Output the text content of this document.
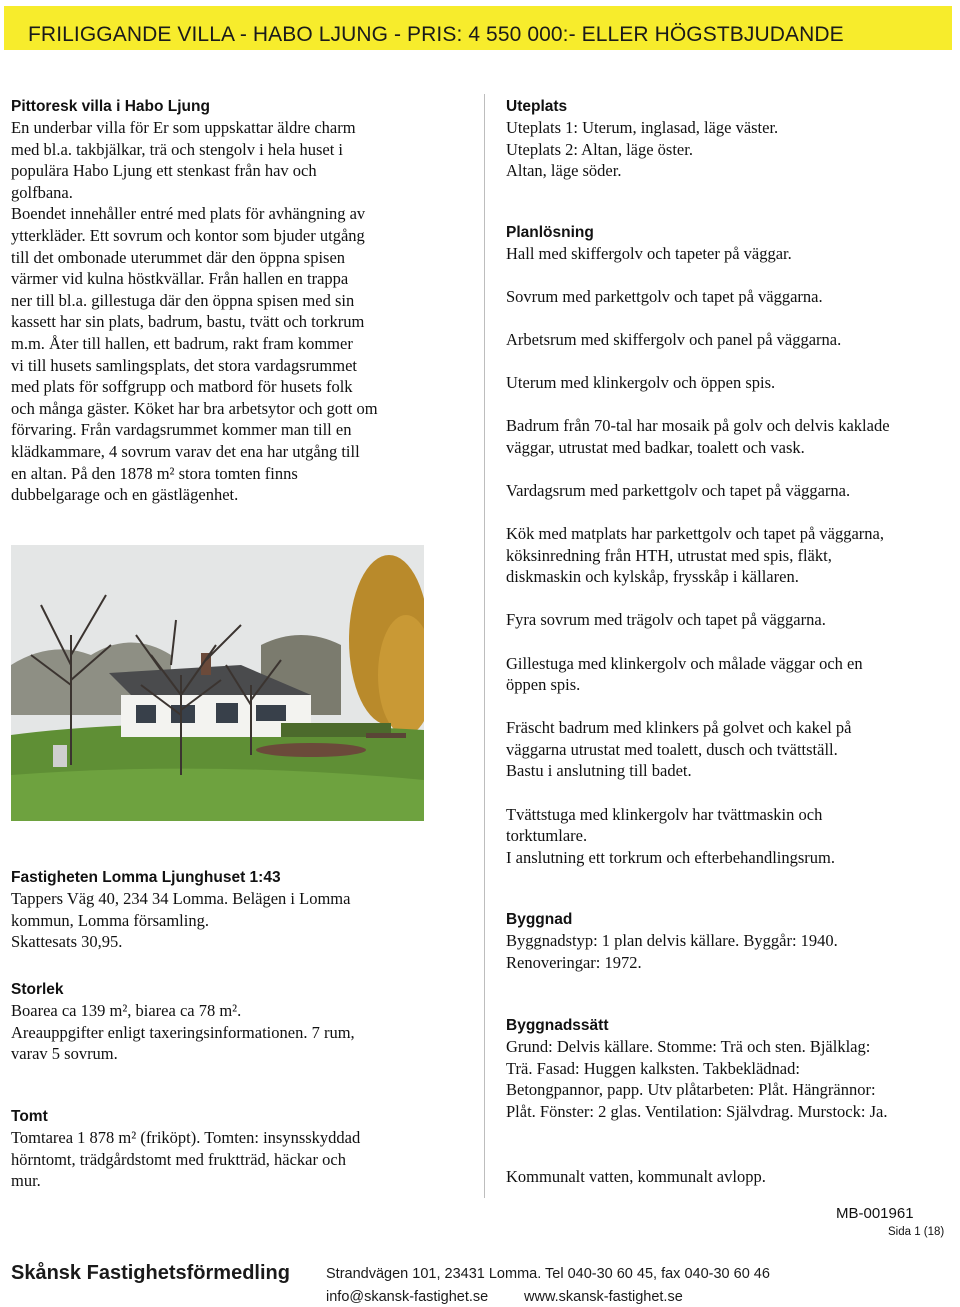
FRILIGGANDE VILLA - HABO LJUNG - PRIS: 4 550 000:- ELLER HÖGSTBJUDANDE
Pittoresk villa i Habo Ljung
En underbar villa för Er som uppskattar äldre charm
med bl.a. takbjälkar, trä och stengolv i hela huset i
populära Habo Ljung ett stenkast från hav och
golfbana.
Boendet innehåller entré med plats för avhängning av
ytterkläder. Ett sovrum och kontor som bjuder utgång
till det ombonade uterummet där den öppna spisen
värmer vid kulna höstkvällar. Från hallen en trappa
ner till bl.a. gillestuga där den öppna spisen med sin
kassett har sin plats, badrum, bastu, tvätt och torkrum
m.m. Åter till hallen, ett badrum, rakt fram kommer
vi till husets samlingsplats, det stora vardagsrummet
med plats för soffgrupp och matbord för husets folk
och många gäster. Köket har bra arbetsytor och gott om
förvaring. Från vardagsrummet kommer man till en
klädkammare, 4 sovrum varav det ena har utgång till
en altan. På den 1878 m² stora tomten finns
dubbelgarage och en gästlägenhet.
Fastigheten Lomma Ljunghuset 1:43
Tappers Väg 40, 234 34 Lomma. Belägen i Lomma
kommun, Lomma församling.
Skattesats 30,95.
Storlek
Boarea ca 139 m², biarea ca 78 m².
Areauppgifter enligt taxeringsinformationen. 7 rum,
varav 5 sovrum.
Tomt
Tomtarea 1 878 m² (friköpt). Tomten: insynsskyddad
hörntomt, trädgårdstomt med fruktträd, häckar och
mur.
Uteplats
Uteplats 1: Uterum, inglasad, läge väster.
Uteplats 2: Altan, läge öster.
Altan, läge söder.
Planlösning
Hall med skiffergolv och tapeter på väggar.
Sovrum med parkettgolv och tapet på väggarna.
Arbetsrum med skiffergolv och panel på väggarna.
Uterum med klinkergolv och öppen spis.
Badrum från 70-tal har mosaik på golv och delvis kaklade
väggar, utrustat med badkar, toalett och vask.
Vardagsrum med parkettgolv och tapet på väggarna.
Kök med matplats har parkettgolv och tapet på väggarna,
köksinredning från HTH, utrustat med spis, fläkt,
diskmaskin och kylskåp, frysskåp i källaren.
Fyra sovrum med trägolv och tapet på väggarna.
Gillestuga med klinkergolv och målade väggar och en
öppen spis.
Fräscht badrum med klinkers på golvet och kakel på
väggarna utrustat med toalett, dusch och tvättställ.
Bastu i anslutning till badet.
Tvättstuga med klinkergolv har tvättmaskin och
torktumlare.
I anslutning ett torkrum och efterbehandlingsrum.
Byggnad
Byggnadstyp: 1 plan delvis källare. Byggår: 1940.
Renoveringar: 1972.
Byggnadssätt
Grund: Delvis källare. Stomme: Trä och sten. Bjälklag:
Trä. Fasad: Huggen kalksten. Takbeklädnad:
Betongpannor, papp. Utv plåtarbeten: Plåt. Hängrännor:
Plåt. Fönster: 2 glas. Ventilation: Självdrag. Murstock: Ja.
Kommunalt vatten, kommunalt avlopp.
MB-001961
Sida 1 (18)
Skånsk Fastighetsförmedling Strandvägen 101, 23431 Lomma. Tel 040-30 60 45, fax 040-30 60 46
info@skansk-fastighet.se www.skansk-fastighet.se
